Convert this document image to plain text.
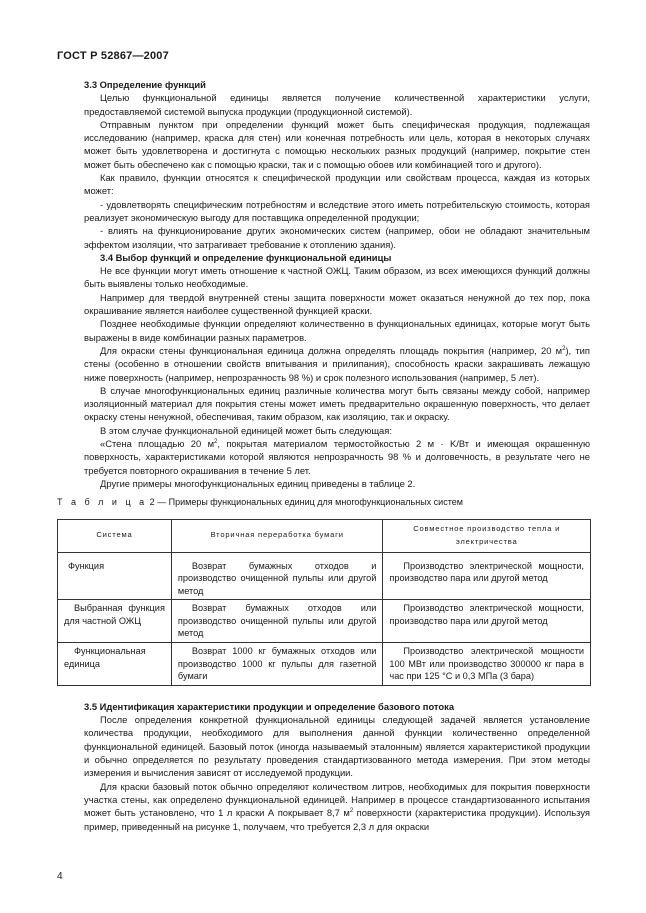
ГОСТ Р 52867—2007

3.3 Определение функций

Целью функциональной единицы является получение количественной характеристики услуги, предоставляемой системой выпуска продукции (продукционной системой).

Отправным пунктом при определении функций может быть специфическая продукция, подлежащая исследованию (например, краска для стен) или конечная потребность или цель, которая в некоторых случаях может быть удовлетворена и достигнута с помощью нескольких разных продукций (например, покрытие стен может быть обеспечено как с помощью краски, так и с помощью обоев или комбинацией того и другого).

Как правило, функции относятся к специфической продукции или свойствам процесса, каждая из которых может:

- удовлетворять специфическим потребностям и вследствие этого иметь потребительскую стоимость, которая реализует экономическую выгоду для поставщика определенной продукции;

- влиять на функционирование других экономических систем (например, обои не обладают значительным эффектом изоляции, что затрагивает требование к отоплению здания).

3.4 Выбор функций и определение функциональной единицы

Не все функции могут иметь отношение к частной ОЖЦ. Таким образом, из всех имеющихся функций должны быть выявлены только необходимые.

Например для твердой внутренней стены защита поверхности может оказаться ненужной до тех пор, пока окрашивание является наиболее существенной функцией краски.

Позднее необходимые функции определяют количественно в функциональных единицах, которые могут быть выражены в виде комбинации разных параметров.

Для окраски стены функциональная единица должна определять площадь покрытия (например, 20 $м^2$), тип стены (особенно в отношении свойств впитывания и прилипания), способность краски закрашивать лежащую ниже поверхность (например, непрозрачность 98 %) и срок полезного использования (например, 5 лет).

В случае многофункциональных единиц различные количества могут быть связаны между собой, например изоляционный материал для покрытия стены может иметь предварительно окрашенную поверхность, что делает окраску стены ненужной, обеспечивая, таким образом, как изоляцию, так и окраску.

В этом случае функциональной единицей может быть следующая:

«Стена площадью 20 $м^2$, покрытая материалом термостойкостью 2 м · K/Вт и имеющая окрашенную поверхность, характеристиками которой являются непрозрачность 98 % и долговечность, в результате чего не требуется повторного окрашивания в течение 5 лет.

Другие примеры многофункциональных единиц приведены в таблице 2.

Т а б л и ц а 2 — Примеры функциональных единиц для многофункциональных систем

Система	Вторичная переработка бумаги	Совместное производство тепла и электричества
Функция	Возврат бумажных отходов и производство очищенной пульпы или другой метод	Производство электрической мощности, производство пара или другой метод
Выбранная функция для частной ОЖЦ	Возврат бумажных отходов или производство очищенной пульпы или другой метод	Производство электрической мощности, производство пара или другой метод
Функциональная единица	Возврат 1000 кг бумажных отходов или производство 1000 кг пульпы для газетной бумаги	Производство электрической мощности 100 МВт или производство 300000 кг пара в час при 125 °C и 0,3 МПа (3 бара)

3.5 Идентификация характеристики продукции и определение базового потока

После определения конкретной функциональной единицы следующей задачей является установление количества продукции, необходимого для выполнения данной функции количественно определенной функциональной единицей. Базовый поток (иногда называемый эталонным) является характеристикой продукции и обычно определяется по результату проведения стандартизованного метода измерения. При этом методы измерения и вычисления зависят от исследуемой продукции.

Для краски базовый поток обычно определяют количеством литров, необходимых для покрытия поверхности участка стены, как определено функциональной единицей. Например в процессе стандартизованного испытания может быть установлено, что 1 л краски А покрывает 8,7 $м^2$ поверхности (характеристика продукции). Используя пример, приведенный на рисунке 1, получаем, что требуется 2,3 л для окраски

4
